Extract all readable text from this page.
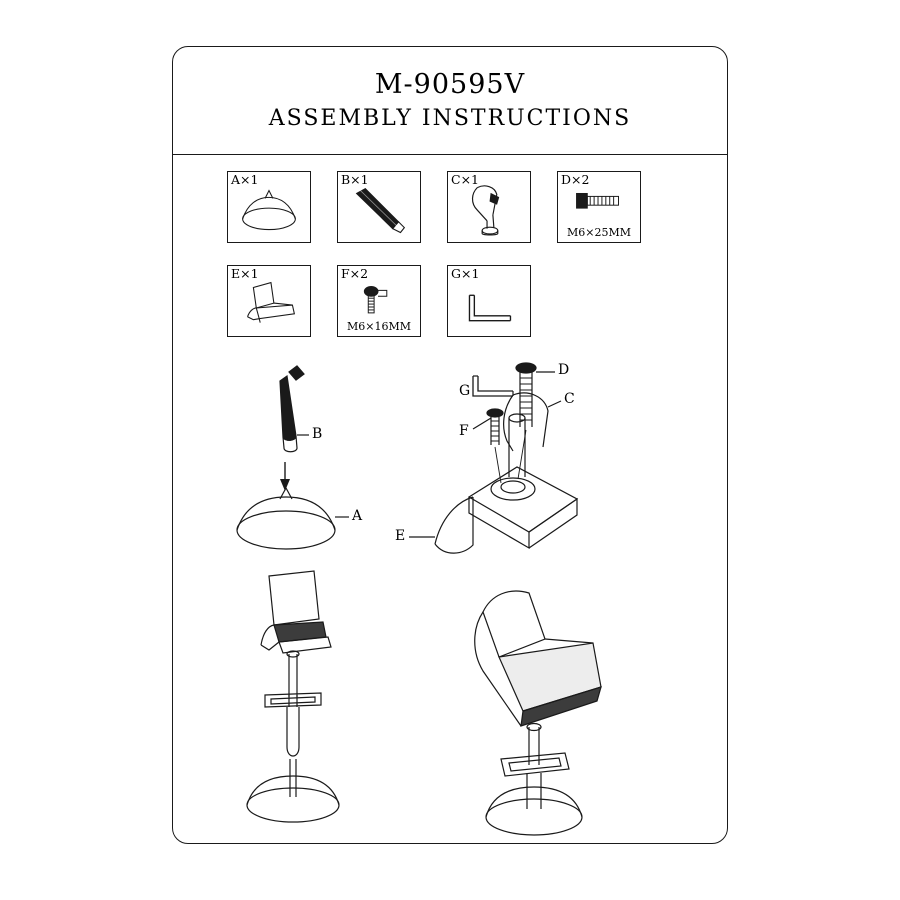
M-90595V
ASSEMBLY INSTRUCTIONS
A×1	B×1	C×1	D×2
M6×25MM
E×1	F×2
M6×16MM
G×1
B
A
D
C
G
F
E
